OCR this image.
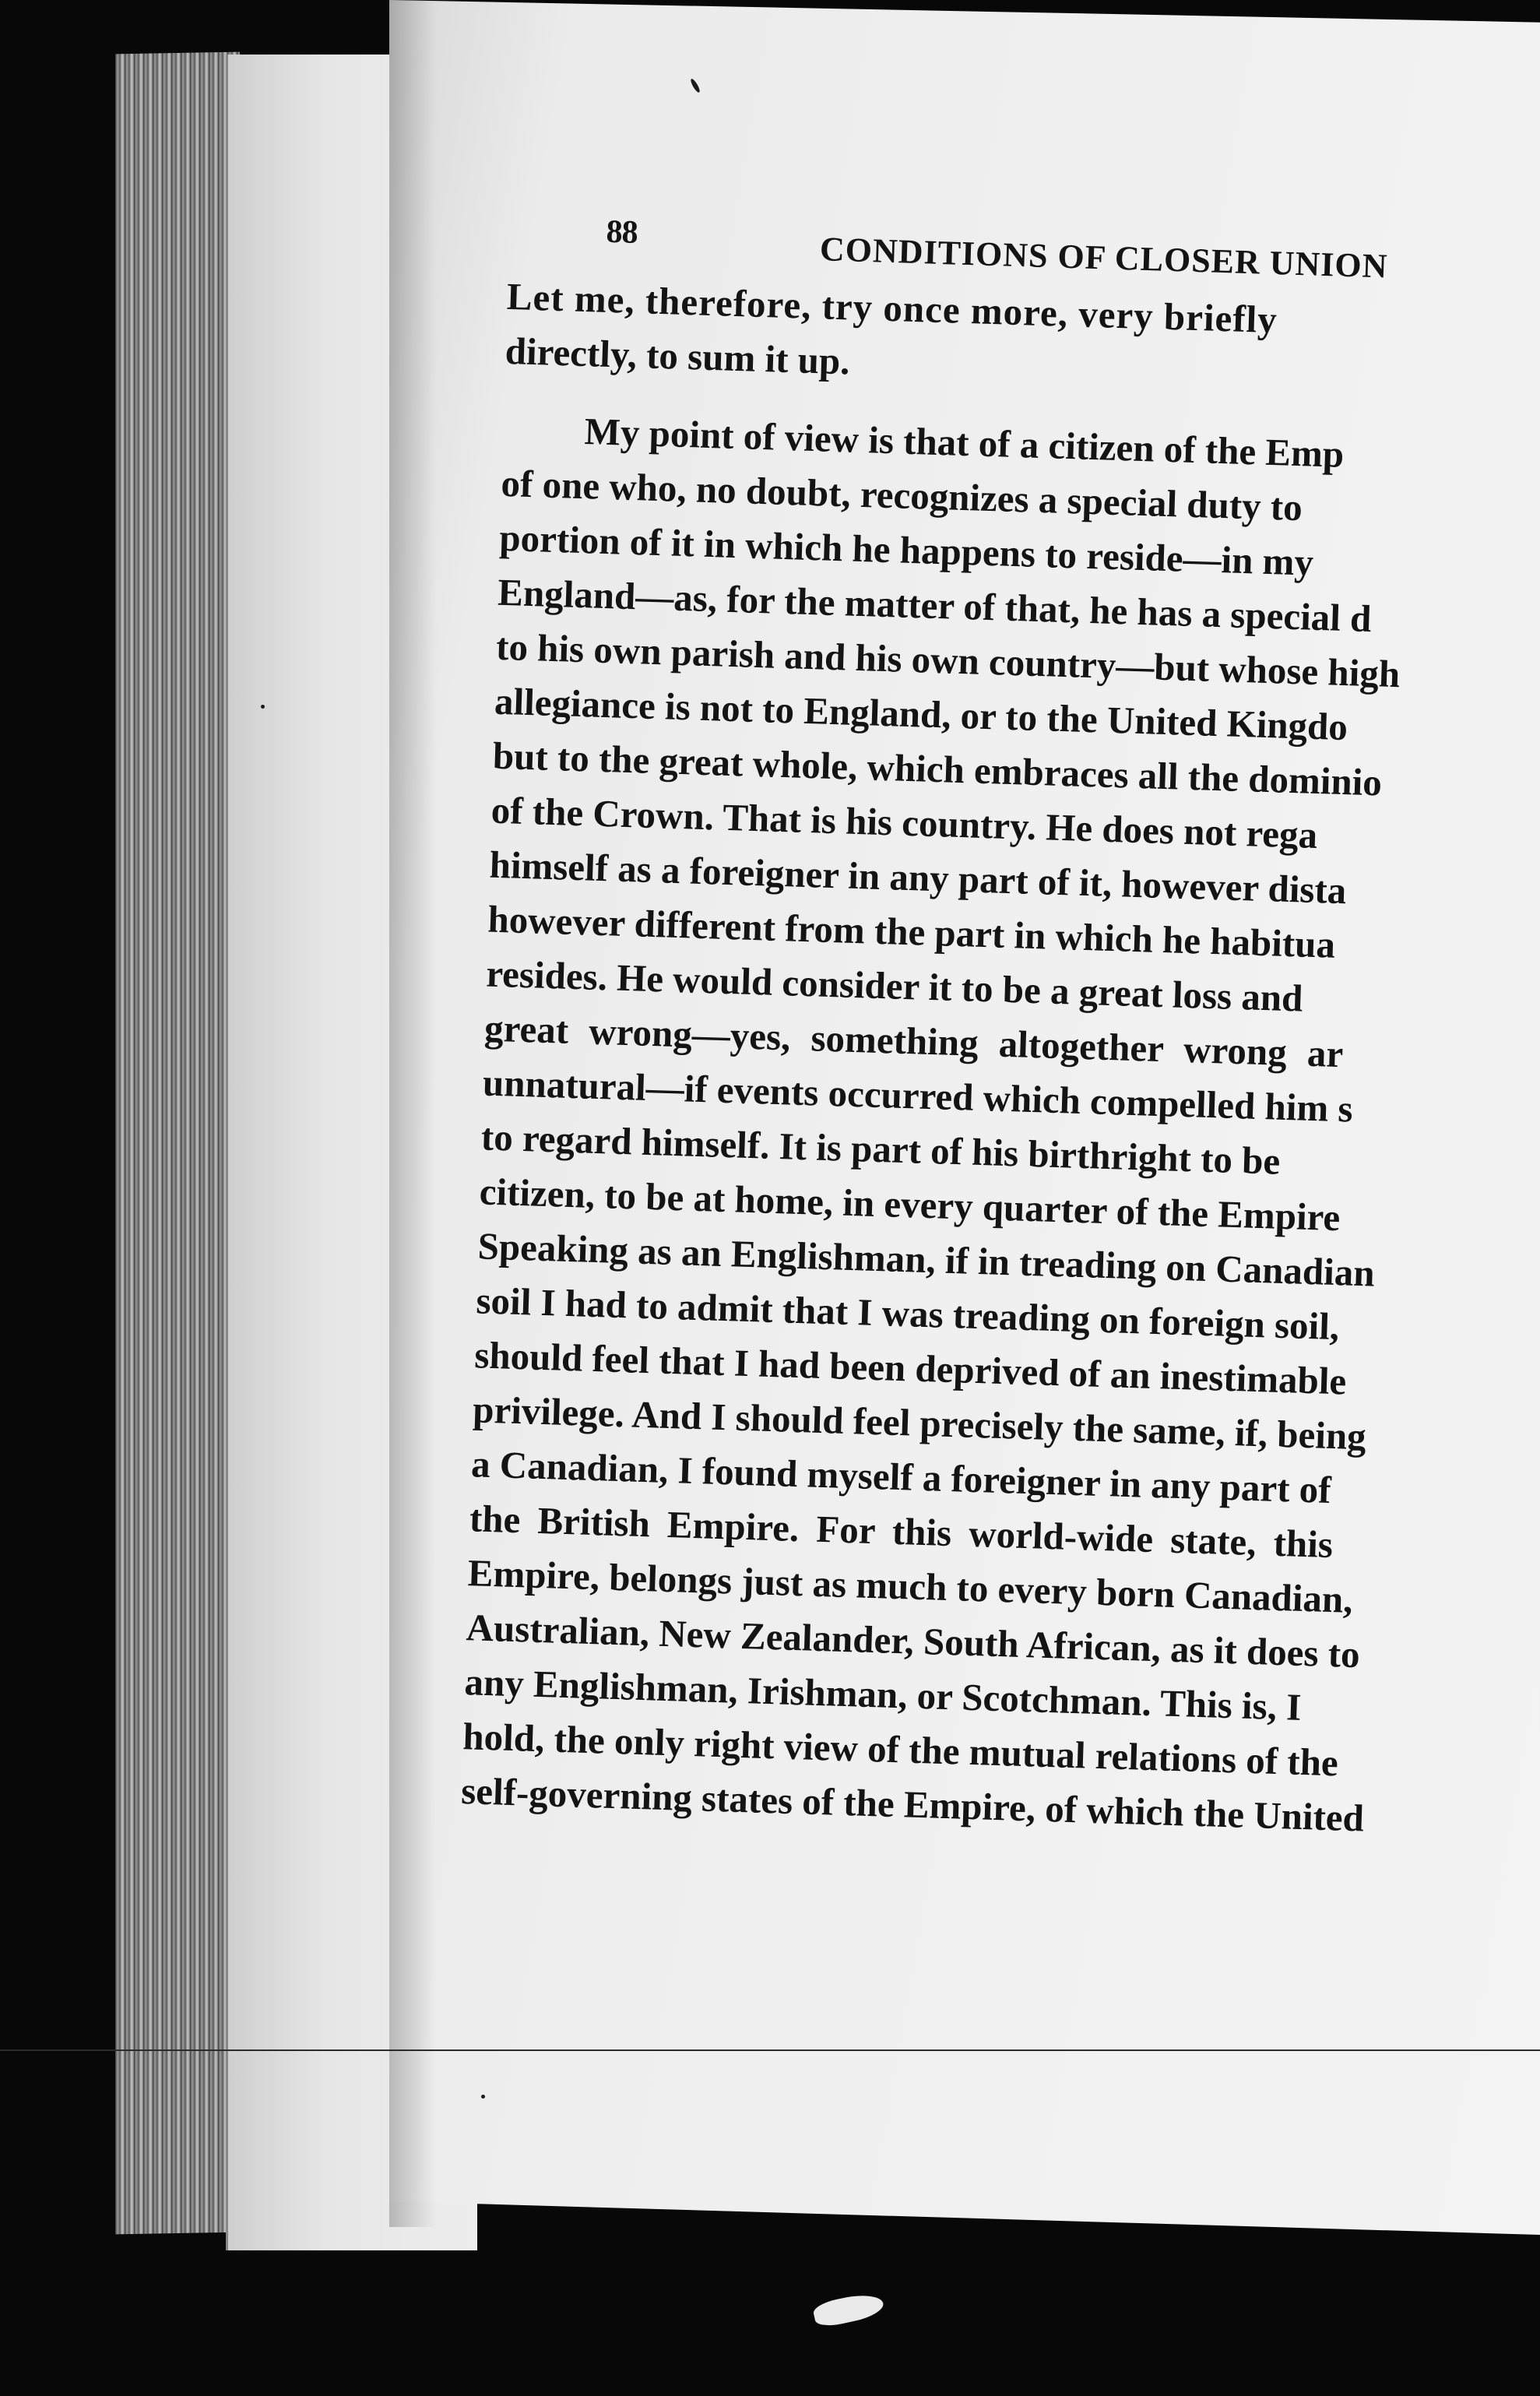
88	CONDITIONS OF CLOSER UNION
Let me, therefore, try once more, very briefly
directly, to sum it up.
My point of view is that of a citizen of the Emp
of one who, no doubt, recognizes a special duty to
portion of it in which he happens to reside—in my
England—as, for the matter of that, he has a special d
to his own parish and his own country—but whose high
allegiance is not to England, or to the United Kingdo
but to the great whole, which embraces all the dominio
of the Crown. That is his country. He does not rega
himself as a foreigner in any part of it, however dista
however different from the part in which he habitua
resides. He would consider it to be a great loss and
great wrong—yes, something altogether wrong ar
unnatural—if events occurred which compelled him s
to regard himself. It is part of his birthright to be
citizen, to be at home, in every quarter of the Empire
Speaking as an Englishman, if in treading on Canadian
soil I had to admit that I was treading on foreign soil,
should feel that I had been deprived of an inestimable
privilege. And I should feel precisely the same, if, being
a Canadian, I found myself a foreigner in any part of
the British Empire. For this world-wide state, this
Empire, belongs just as much to every born Canadian,
Australian, New Zealander, South African, as it does to
any Englishman, Irishman, or Scotchman. This is, I
hold, the only right view of the mutual relations of the
self-governing states of the Empire, of which the United
